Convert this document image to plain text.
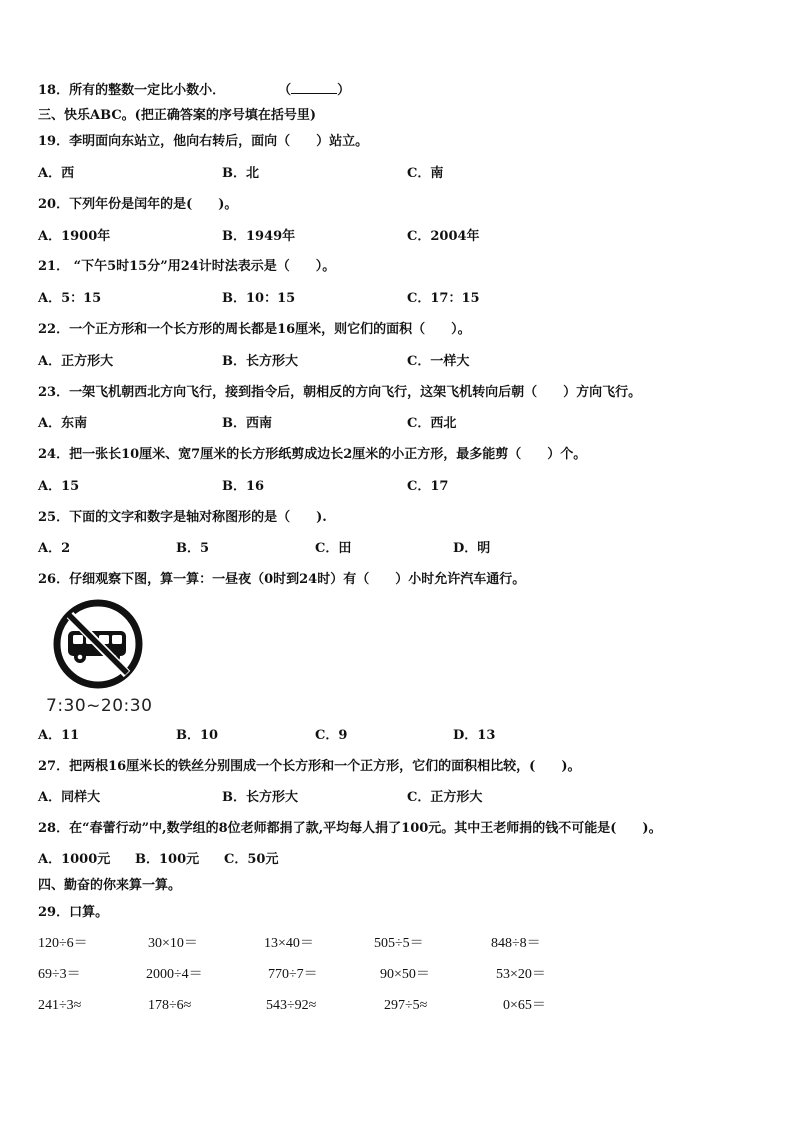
18．所有的整数一定比小数小．	（	）
三、快乐ABC。(把正确答案的序号填在括号里)
19．李明面向东站立，他向右转后，面向（　　）站立。
A．西	B．北	C．南
20．下列年份是闰年的是(　　)。
A．1900年	B．1949年	C．2004年
21． “下午5时15分”用24计时法表示是（　　）。
A．5：15	B．10：15	C．17：15
22．一个正方形和一个长方形的周长都是16厘米，则它们的面积（　　）。
A．正方形大	B．长方形大	C．一样大
23．一架飞机朝西北方向飞行，接到指令后，朝相反的方向飞行，这架飞机转向后朝（　　）方向飞行。
A．东南	B．西南	C．西北
24．把一张长10厘米、宽7厘米的长方形纸剪成边长2厘米的小正方形，最多能剪（　　）个。
A．15	B．16	C．17
25．下面的文字和数字是轴对称图形的是（　　).
A．2	B．5	C．田	D．明
26．仔细观察下图，算一算：一昼夜（0时到24时）有（　　）小时允许汽车通行。
7:30~20:30
A．11	B．10	C．9	D．13
27．把两根16厘米长的铁丝分别围成一个长方形和一个正方形，它们的面积相比较，(　　)。
A．同样大	B．长方形大	C．正方形大
28．在“春蕾行动”中,数学组的8位老师都捐了款,平均每人捐了100元。其中王老师捐的钱不可能是(　　)。
A．1000元 B．100元 C．50元
四、勤奋的你来算一算。
29．口算。
120÷6＝	30×10＝	13×40＝	505÷5＝	848÷8＝
69÷3＝	2000÷4＝	770÷7＝	90×50＝	53×20＝
241÷3≈	178÷6≈	543÷92≈	297÷5≈	0×65＝
